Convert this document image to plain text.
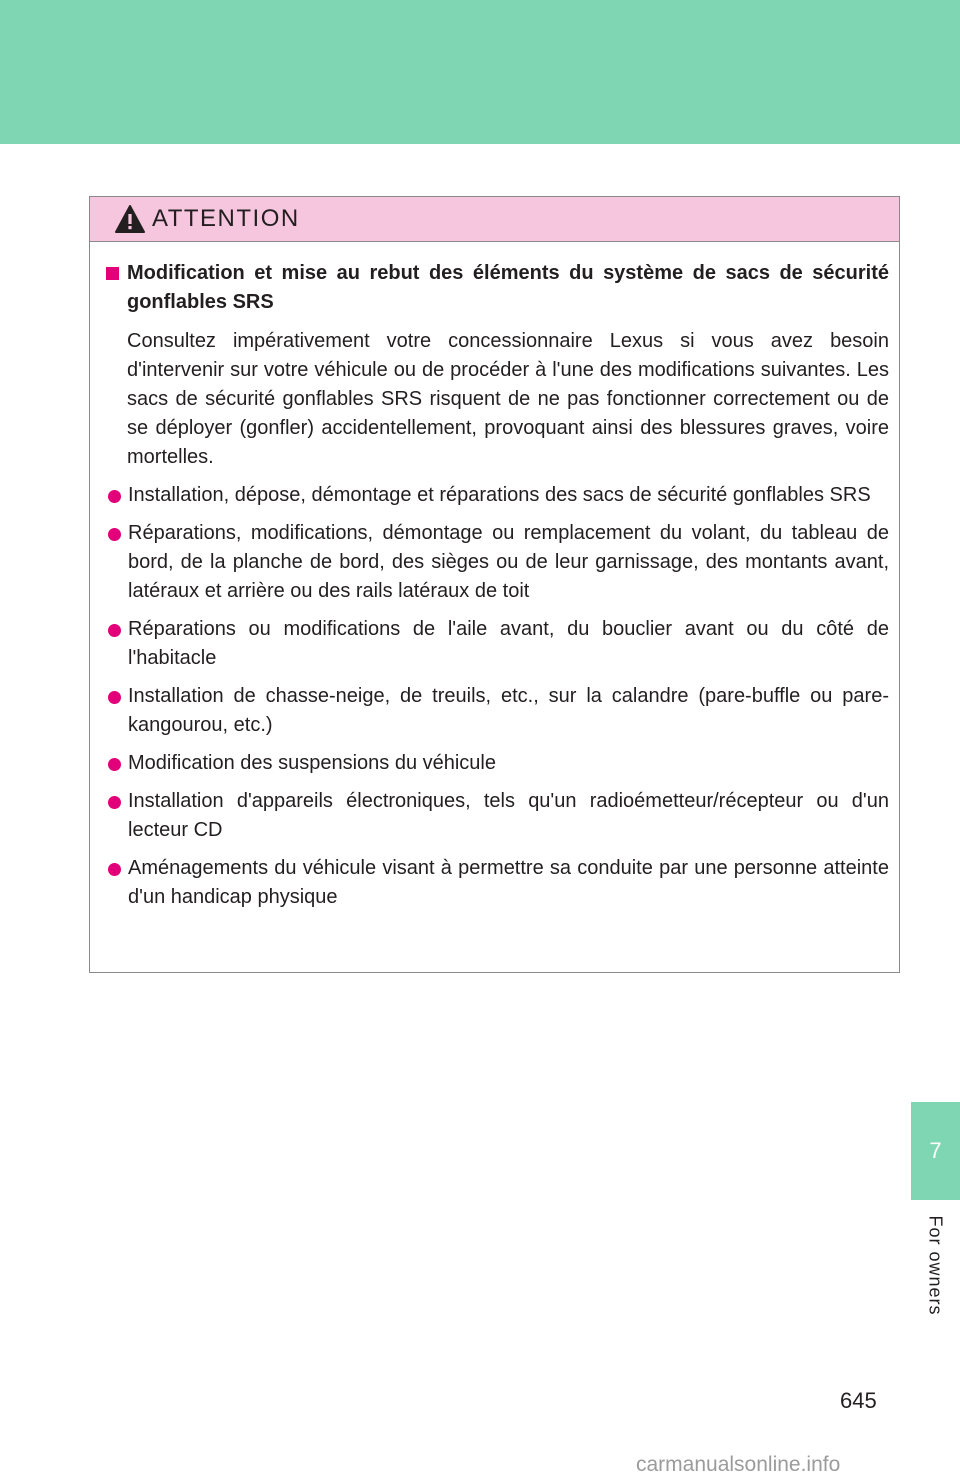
ATTENTION
Modification et mise au rebut des éléments du système de sacs de sécurité gonflables SRS

Consultez impérativement votre concessionnaire Lexus si vous avez besoin d'intervenir sur votre véhicule ou de procéder à l'une des modifications suivantes. Les sacs de sécurité gonflables SRS risquent de ne pas fonctionner correctement ou de se déployer (gonfler) accidentellement, provoquant ainsi des blessures graves, voire mortelles.

Installation, dépose, démontage et réparations des sacs de sécurité gonflables SRS
Réparations, modifications, démontage ou remplacement du volant, du tableau de bord, de la planche de bord, des sièges ou de leur garnissage, des montants avant, latéraux et arrière ou des rails latéraux de toit
Réparations ou modifications de l'aile avant, du bouclier avant ou du côté de l'habitacle
Installation de chasse-neige, de treuils, etc., sur la calandre (pare-buffle ou pare-kangourou, etc.)
Modification des suspensions du véhicule
Installation d'appareils électroniques, tels qu'un radioémetteur/récepteur ou d'un lecteur CD
Aménagements du véhicule visant à permettre sa conduite par une personne atteinte d'un handicap physique
7
For owners
645
carmanualsonline.info
